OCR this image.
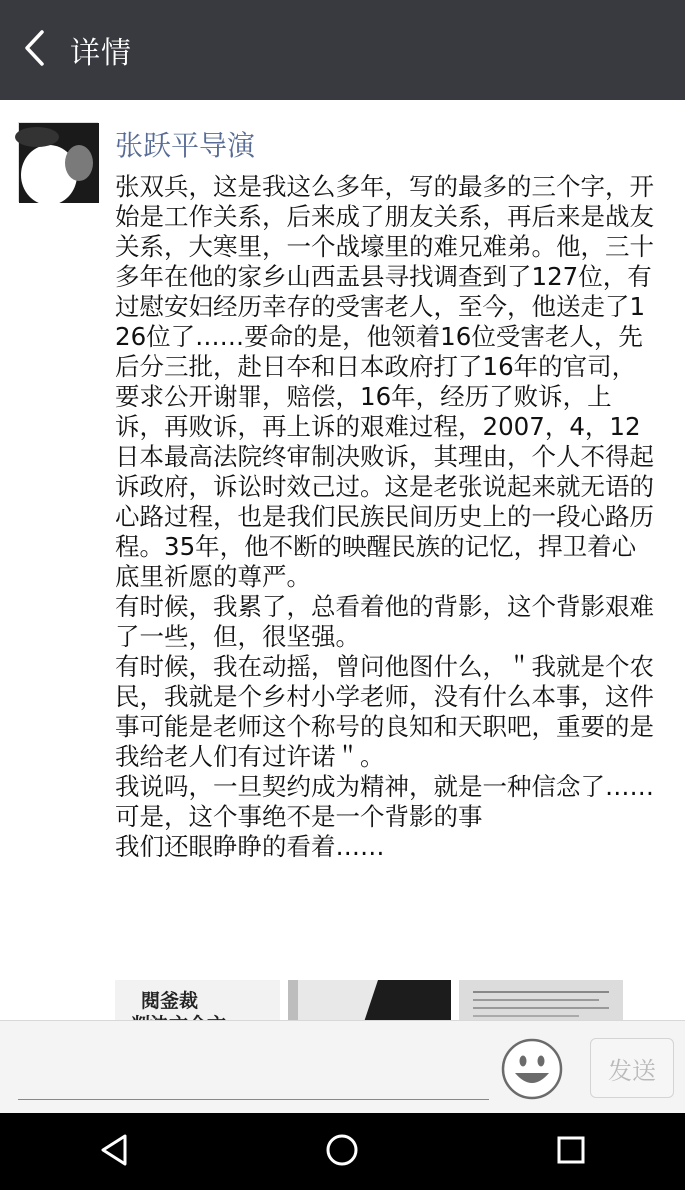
详情
张跃平导演

张双兵，这是我这么多年，写的最多的三个字，开始是工作关系，后来成了朋友关系，再后来是战友关系，大寒里，一个战壕里的难兄难弟。他，三十多年在他的家乡山西盂县寻找调查到了127位，有过慰安妇经历幸存的受害老人，至今，他送走了126位了……要命的是，他领着16位受害老人，先后分三批，赴日夲和日本政府打了16年的官司，要求公开谢罪，赔偿，16年，经历了败诉，上诉，再败诉，再上诉的艰难过程，2007，4，12日本最高法院终审制决败诉，其理由，个人不得起诉政府，诉讼时效己过。这是老张说起来就无语的心路过程，也是我们民族民间历史上的一段心路历程。35年，他不断的映醒民族的记忆，捍卫着心底里祈愿的尊严。

有时候，我累了，总看着他的背影，这个背影艰难了一些，但，很坚强。

有时候，我在动摇，曾问他图什么，＂我就是个农民，我就是个乡村小学老师，没有什么本事，这件事可能是老师这个称号的良知和天职吧，重要的是我给老人们有过许诺＂。

我说吗，一旦契约成为精神，就是一种信念了……

可是，这个事绝不是一个背影的事

我们还眼睁睁的看着……

閱釜裁
发送
